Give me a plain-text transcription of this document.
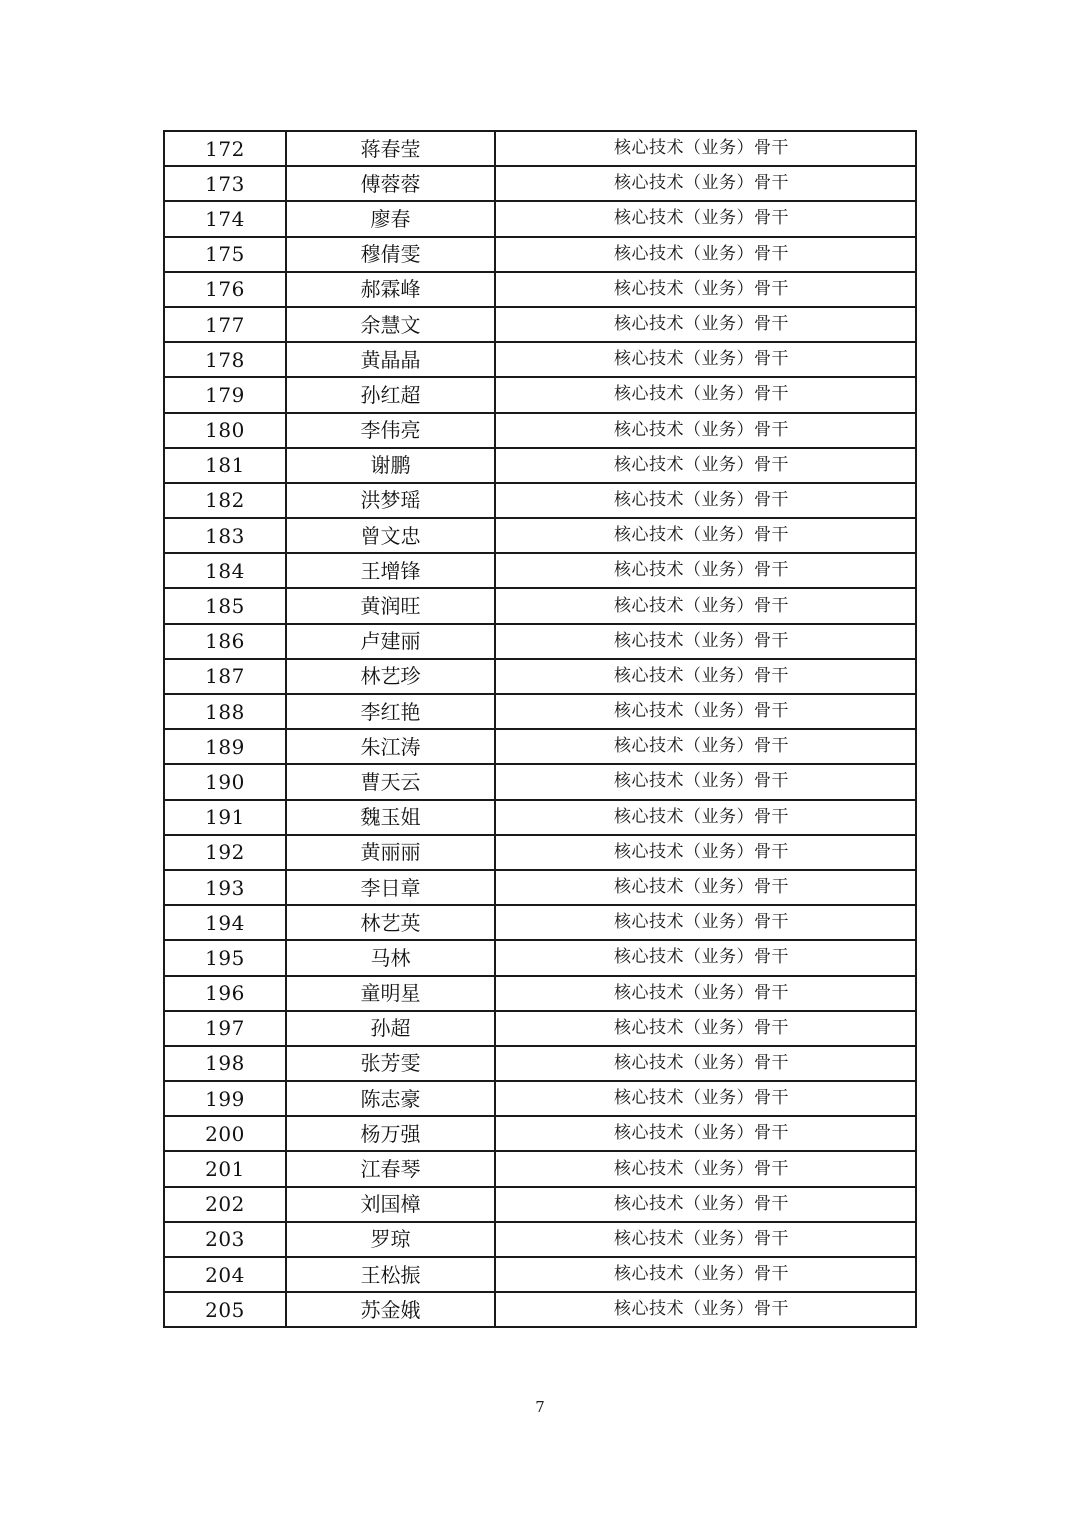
172	蒋春莹	核心技术（业务）骨干
173	傅蓉蓉	核心技术（业务）骨干
174	廖春	核心技术（业务）骨干
175	穆倩雯	核心技术（业务）骨干
176	郝霖峰	核心技术（业务）骨干
177	余慧文	核心技术（业务）骨干
178	黄晶晶	核心技术（业务）骨干
179	孙红超	核心技术（业务）骨干
180	李伟亮	核心技术（业务）骨干
181	谢鹏	核心技术（业务）骨干
182	洪梦瑶	核心技术（业务）骨干
183	曾文忠	核心技术（业务）骨干
184	王增锋	核心技术（业务）骨干
185	黄润旺	核心技术（业务）骨干
186	卢建丽	核心技术（业务）骨干
187	林艺珍	核心技术（业务）骨干
188	李红艳	核心技术（业务）骨干
189	朱江涛	核心技术（业务）骨干
190	曹天云	核心技术（业务）骨干
191	魏玉姐	核心技术（业务）骨干
192	黄丽丽	核心技术（业务）骨干
193	李日章	核心技术（业务）骨干
194	林艺英	核心技术（业务）骨干
195	马林	核心技术（业务）骨干
196	童明星	核心技术（业务）骨干
197	孙超	核心技术（业务）骨干
198	张芳雯	核心技术（业务）骨干
199	陈志豪	核心技术（业务）骨干
200	杨万强	核心技术（业务）骨干
201	江春琴	核心技术（业务）骨干
202	刘国樟	核心技术（业务）骨干
203	罗琼	核心技术（业务）骨干
204	王松振	核心技术（业务）骨干
205	苏金娥	核心技术（业务）骨干
7
